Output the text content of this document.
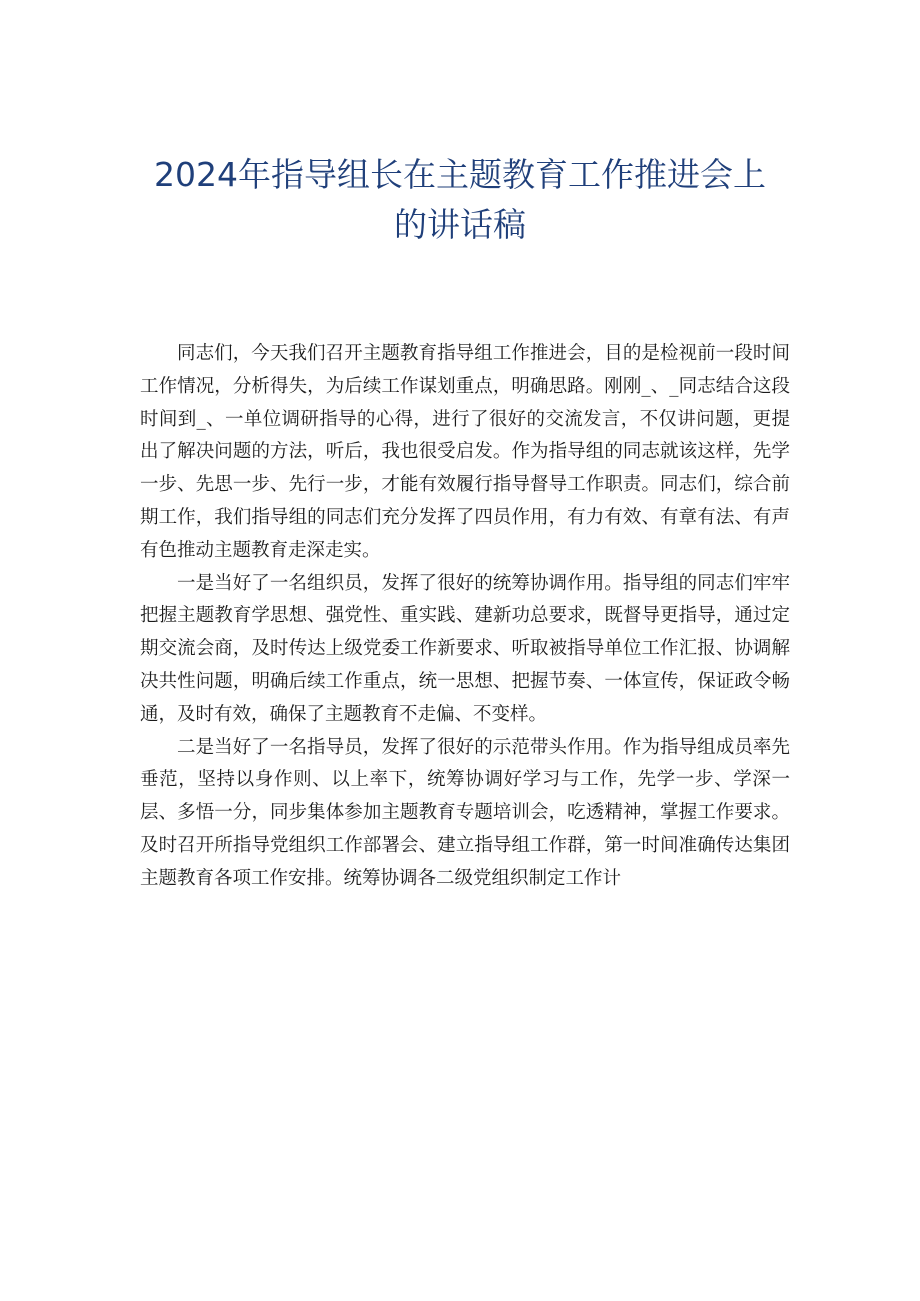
2024年指导组长在主题教育工作推进会上
的讲话稿

同志们，今天我们召开主题教育指导组工作推进会，目的是检视前一段时间工作情况，分析得失，为后续工作谋划重点，明确思路。刚刚_、_同志结合这段时间到_、一单位调研指导的心得，进行了很好的交流发言，不仅讲问题，更提出了解决问题的方法，听后，我也很受启发。作为指导组的同志就该这样，先学一步、先思一步、先行一步，才能有效履行指导督导工作职责。同志们，综合前期工作，我们指导组的同志们充分发挥了四员作用，有力有效、有章有法、有声有色推动主题教育走深走实。

一是当好了一名组织员，发挥了很好的统筹协调作用。指导组的同志们牢牢把握主题教育学思想、强党性、重实践、建新功总要求，既督导更指导，通过定期交流会商，及时传达上级党委工作新要求、听取被指导单位工作汇报、协调解决共性问题，明确后续工作重点，统一思想、把握节奏、一体宣传，保证政令畅通，及时有效，确保了主题教育不走偏、不变样。

二是当好了一名指导员，发挥了很好的示范带头作用。作为指导组成员率先垂范，坚持以身作则、以上率下，统筹协调好学习与工作，先学一步、学深一层、多悟一分，同步集体参加主题教育专题培训会，吃透精神，掌握工作要求。及时召开所指导党组织工作部署会、建立指导组工作群，第一时间准确传达集团主题教育各项工作安排。统筹协调各二级党组织制定工作计
